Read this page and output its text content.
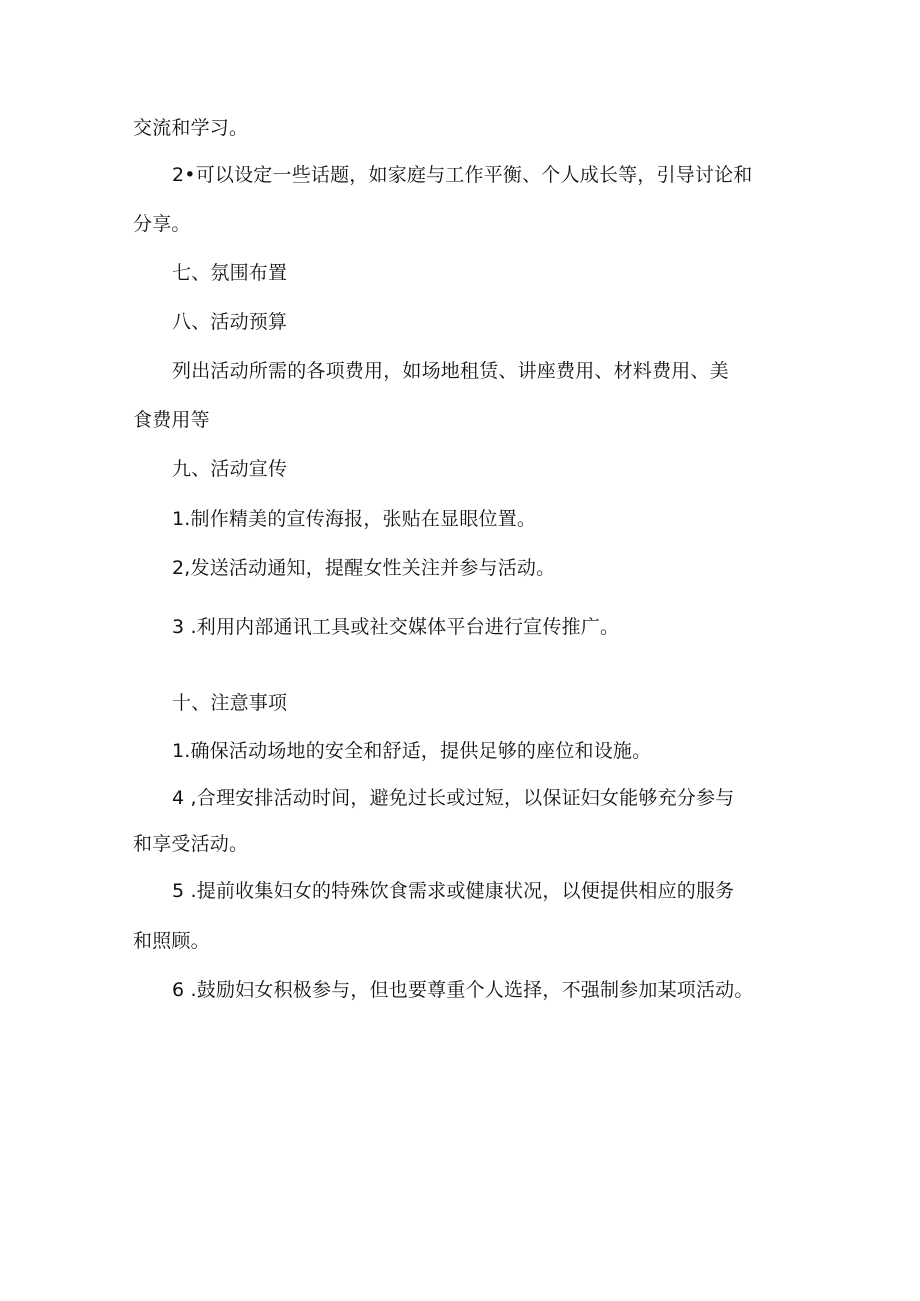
交流和学习。
2•可以设定一些话题，如家庭与工作平衡、个人成长等，引导讨论和
分享。
七、氛围布置
八、活动预算
列出活动所需的各项费用，如场地租赁、讲座费用、材料费用、美
食费用等
九、活动宣传
1.制作精美的宣传海报，张贴在显眼位置。
2,发送活动通知，提醒女性关注并参与活动。
3 .利用内部通讯工具或社交媒体平台进行宣传推广。
十、注意事项
1.确保活动场地的安全和舒适，提供足够的座位和设施。
4 ,合理安排活动时间，避免过长或过短，以保证妇女能够充分参与
和享受活动。
5 .提前收集妇女的特殊饮食需求或健康状况，以便提供相应的服务
和照顾。
6 .鼓励妇女积极参与，但也要尊重个人选择，不强制参加某项活动。
